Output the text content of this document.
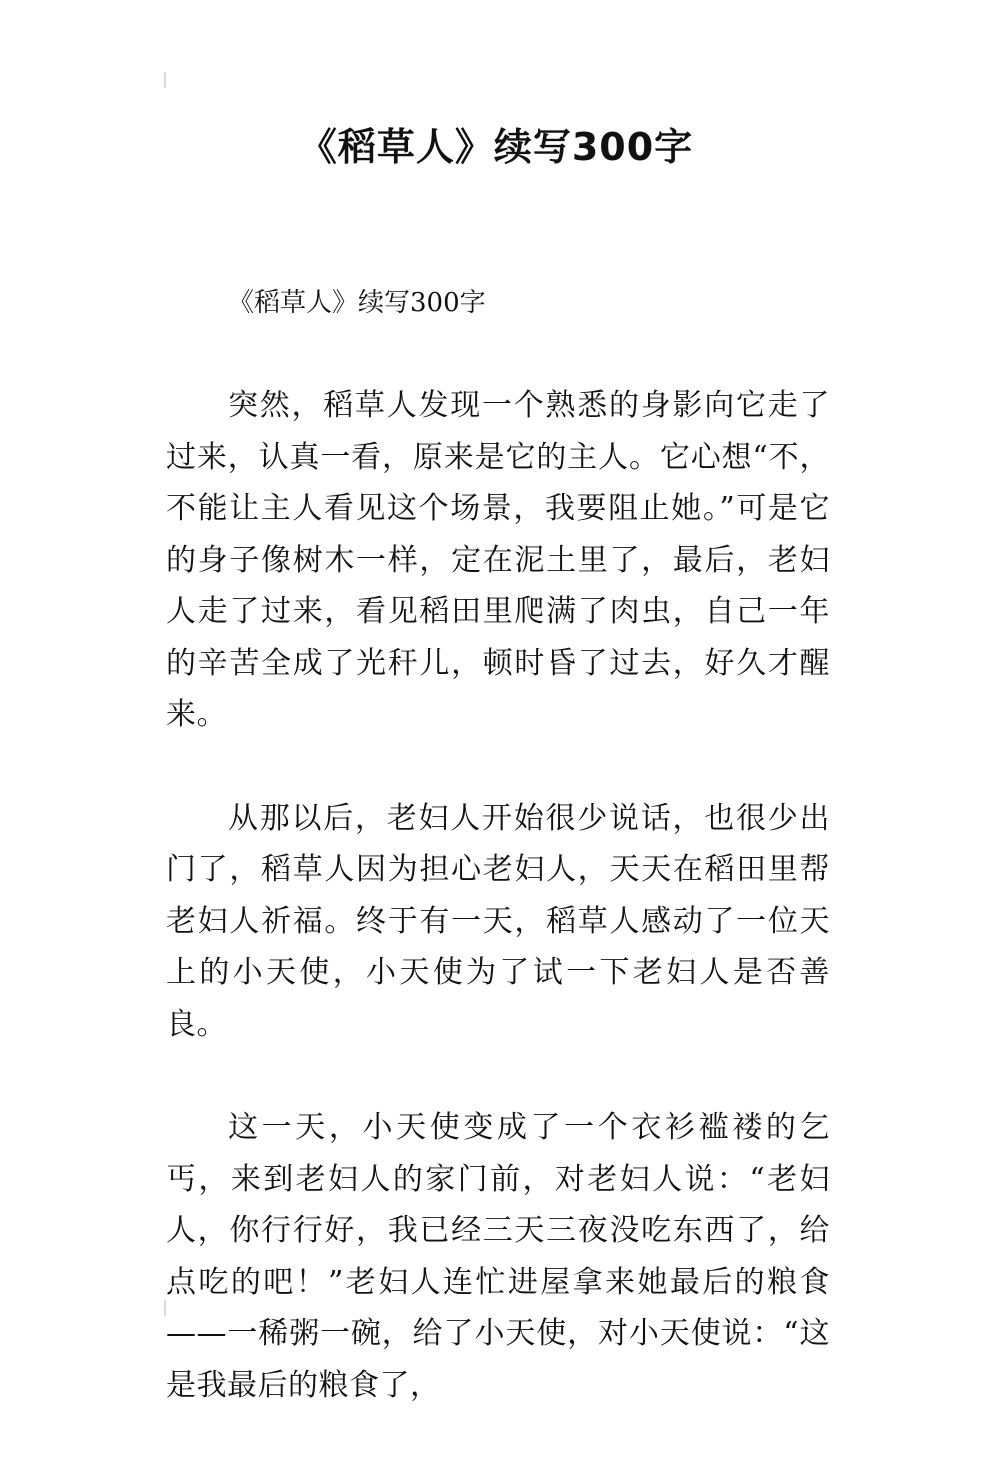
《稻草人》续写300字

《稻草人》续写300字

突然，稻草人发现一个熟悉的身影向它走了过来，认真一看，原来是它的主人。它心想“不，不能让主人看见这个场景，我要阻止她。”可是它的身子像树木一样，定在泥土里了，最后，老妇人走了过来，看见稻田里爬满了肉虫，自己一年的辛苦全成了光秆儿，顿时昏了过去，好久才醒来。

从那以后，老妇人开始很少说话，也很少出门了，稻草人因为担心老妇人，天天在稻田里帮老妇人祈福。终于有一天，稻草人感动了一位天上的小天使，小天使为了试一下老妇人是否善良。

这一天，小天使变成了一个衣衫褴褛的乞丐，来到老妇人的家门前，对老妇人说：“老妇人，你行行好，我已经三天三夜没吃东西了，给点吃的吧！”老妇人连忙进屋拿来她最后的粮食——一稀粥一碗，给了小天使，对小天使说：“这是我最后的粮食了，
